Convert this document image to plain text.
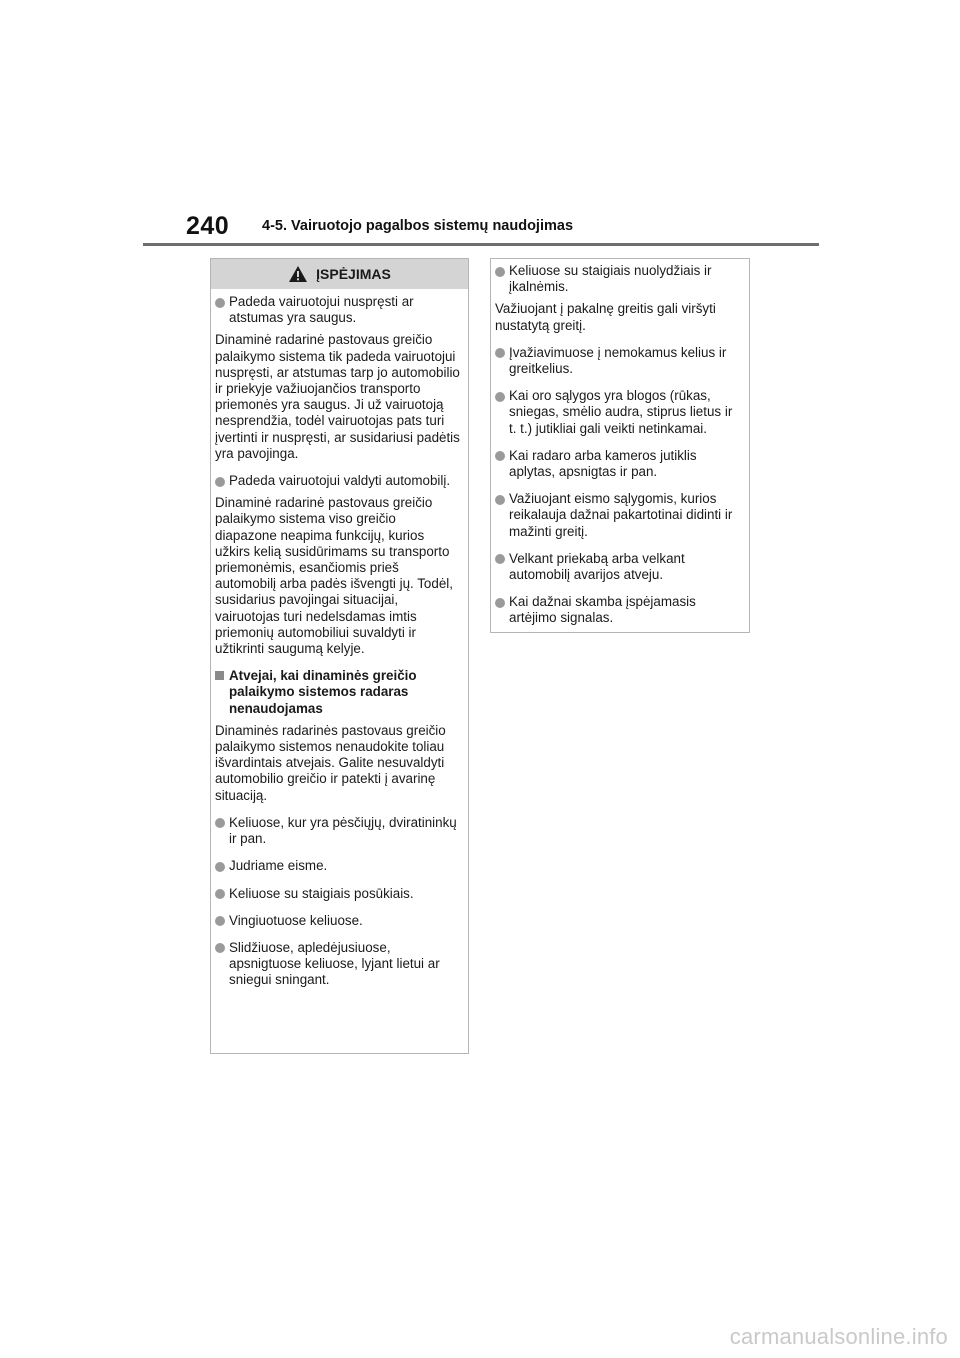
240 4-5. Vairuotojo pagalbos sistemų naudojimas
ĮSPĖJIMAS
Padeda vairuotojui nuspręsti ar atstumas yra saugus.
Dinaminė radarinė pastovaus greičio palaikymo sistema tik padeda vairuotojui nuspręsti, ar atstumas tarp jo automobilio ir priekyje važiuojančios transporto priemonės yra saugus. Ji už vairuotoją nesprendžia, todėl vairuotojas pats turi įvertinti ir nuspręsti, ar susidariusi padėtis yra pavojinga.
Padeda vairuotojui valdyti automobilį.
Dinaminė radarinė pastovaus greičio palaikymo sistema viso greičio diapazone neapima funkcijų, kurios užkirs kelią susidūrimams su transporto priemonėmis, esančiomis prieš automobilį arba padės išvengti jų. Todėl, susidarius pavojingai situacijai, vairuotojas turi nedelsdamas imtis priemonių automobiliui suvaldyti ir užtikrinti saugumą kelyje.
Atvejai, kai dinaminės greičio palaikymo sistemos radaras nenaudojamas
Dinaminės radarinės pastovaus greičio palaikymo sistemos nenaudokite toliau išvardintais atvejais. Galite nesuvaldyti automobilio greičio ir patekti į avarinę situaciją.
Keliuose, kur yra pėsčiųjų, dviratininkų ir pan.
Judriame eisme.
Keliuose su staigiais posūkiais.
Vingiuotuose keliuose.
Slidžiuose, apledėjusiuose, apsnigtuose keliuose, lyjant lietui ar sniegui sningant.
Keliuose su staigiais nuolydžiais ir įkalnėmis.
Važiuojant į pakalnę greitis gali viršyti nustatytą greitį.
Įvažiavimuose į nemokamus kelius ir greitkelius.
Kai oro sąlygos yra blogos (rūkas, sniegas, smėlio audra, stiprus lietus ir t. t.) jutikliai gali veikti netinkamai.
Kai radaro arba kameros jutiklis aplytas, apsnigtas ir pan.
Važiuojant eismo sąlygomis, kurios reikalauja dažnai pakartotinai didinti ir mažinti greitį.
Velkant priekabą arba velkant automobilį avarijos atveju.
Kai dažnai skamba įspėjamasis artėjimo signalas.
carmanualsonline.info
